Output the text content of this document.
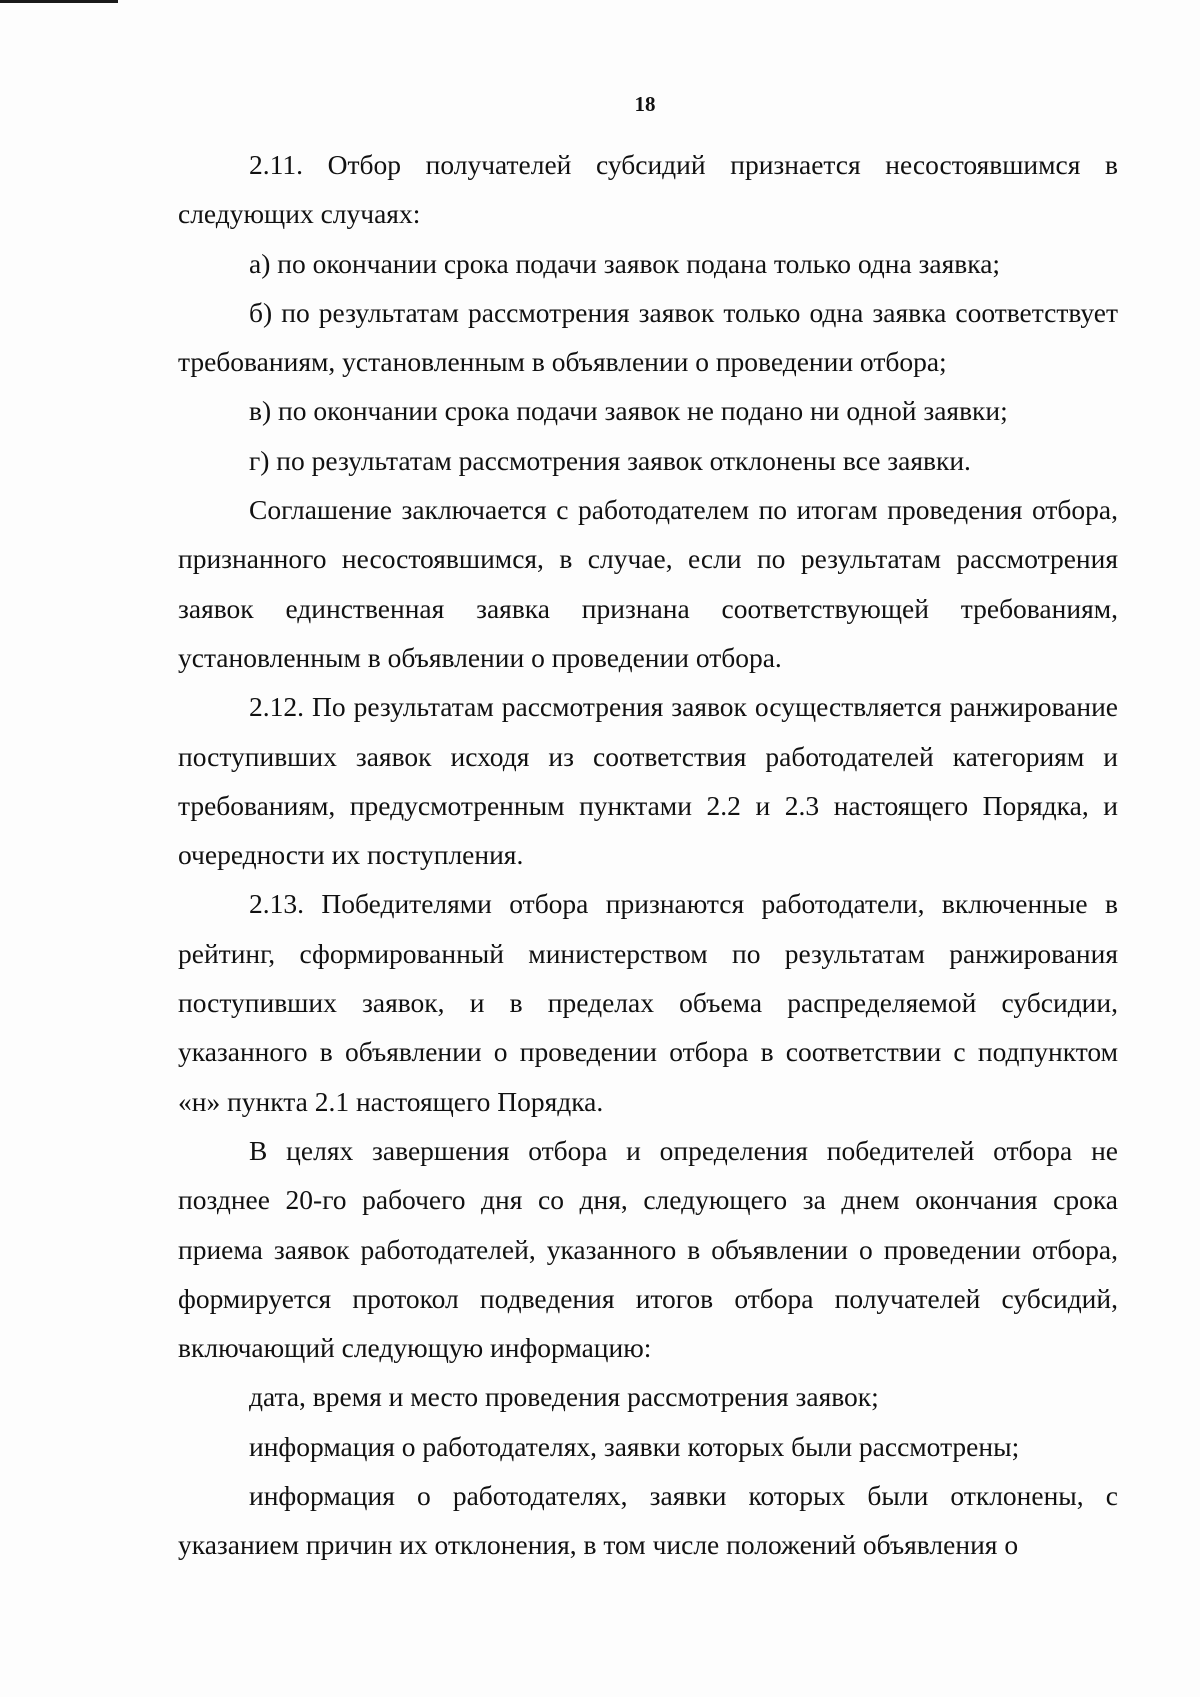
18

2.11. Отбор получателей субсидий признается несостоявшимся в следующих случаях:

а) по окончании срока подачи заявок подана только одна заявка;

б) по результатам рассмотрения заявок только одна заявка соответствует требованиям, установленным в объявлении о проведении отбора;

в) по окончании срока подачи заявок не подано ни одной заявки;

г) по результатам рассмотрения заявок отклонены все заявки.

Соглашение заключается с работодателем по итогам проведения отбора, признанного несостоявшимся, в случае, если по результатам рассмотрения заявок единственная заявка признана соответствующей требованиям, установленным в объявлении о проведении отбора.

2.12. По результатам рассмотрения заявок осуществляется ранжирование поступивших заявок исходя из соответствия работодателей категориям и требованиям, предусмотренным пунктами 2.2 и 2.3 настоящего Порядка, и очередности их поступления.

2.13. Победителями отбора признаются работодатели, включенные в рейтинг, сформированный министерством по результатам ранжирования поступивших заявок, и в пределах объема распределяемой субсидии, указанного в объявлении о проведении отбора в соответствии с подпунктом «н» пункта 2.1 настоящего Порядка.

В целях завершения отбора и определения победителей отбора не позднее 20-го рабочего дня со дня, следующего за днем окончания срока приема заявок работодателей, указанного в объявлении о проведении отбора, формируется протокол подведения итогов отбора получателей субсидий, включающий следующую информацию:

дата, время и место проведения рассмотрения заявок;

информация о работодателях, заявки которых были рассмотрены;

информация о работодателях, заявки которых были отклонены, с указанием причин их отклонения, в том числе положений объявления о
